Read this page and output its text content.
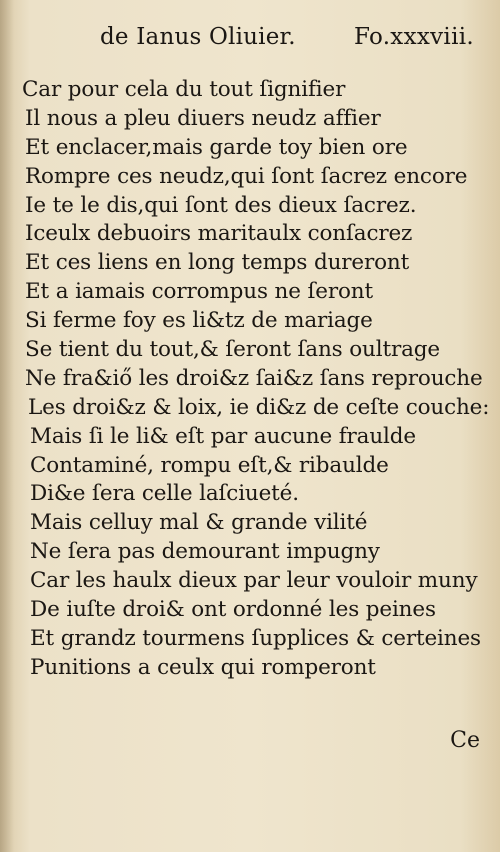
de Ianus Oliuier.	Fo.xxxviii.
Car pour cela du tout ſignifier
Il nous a pleu diuers neudz affier
Et enclacer,mais garde toy bien ore
Rompre ces neudz,qui ſont ſacrez encore
Ie te le dis,qui ſont des dieux ſacrez.
Iceulx debuoirs maritaulx conſacrez
Et ces liens en long temps dureront
Et a iamais corrompus ne ſeront
Si ferme foy es li&tz de mariage
Se tient du tout,& ſeront ſans oultrage
Ne fra&iő les droi&z ſai&z ſans reprouche
Les droi&z & loix, ie di&z de ceſte couche:
Mais ſi le li& eſt par aucune fraulde
Contaminé, rompu eſt,& ribaulde
Di&e ſera celle laſciueté.
Mais celluy mal & grande vilité
Ne ſera pas demourant impugny
Car les haulx dieux par leur vouloir muny
De iuſte droi& ont ordonné les peines
Et grandz tourmens ſupplices & certeines
Punitions a ceulx qui romperont
Ce
